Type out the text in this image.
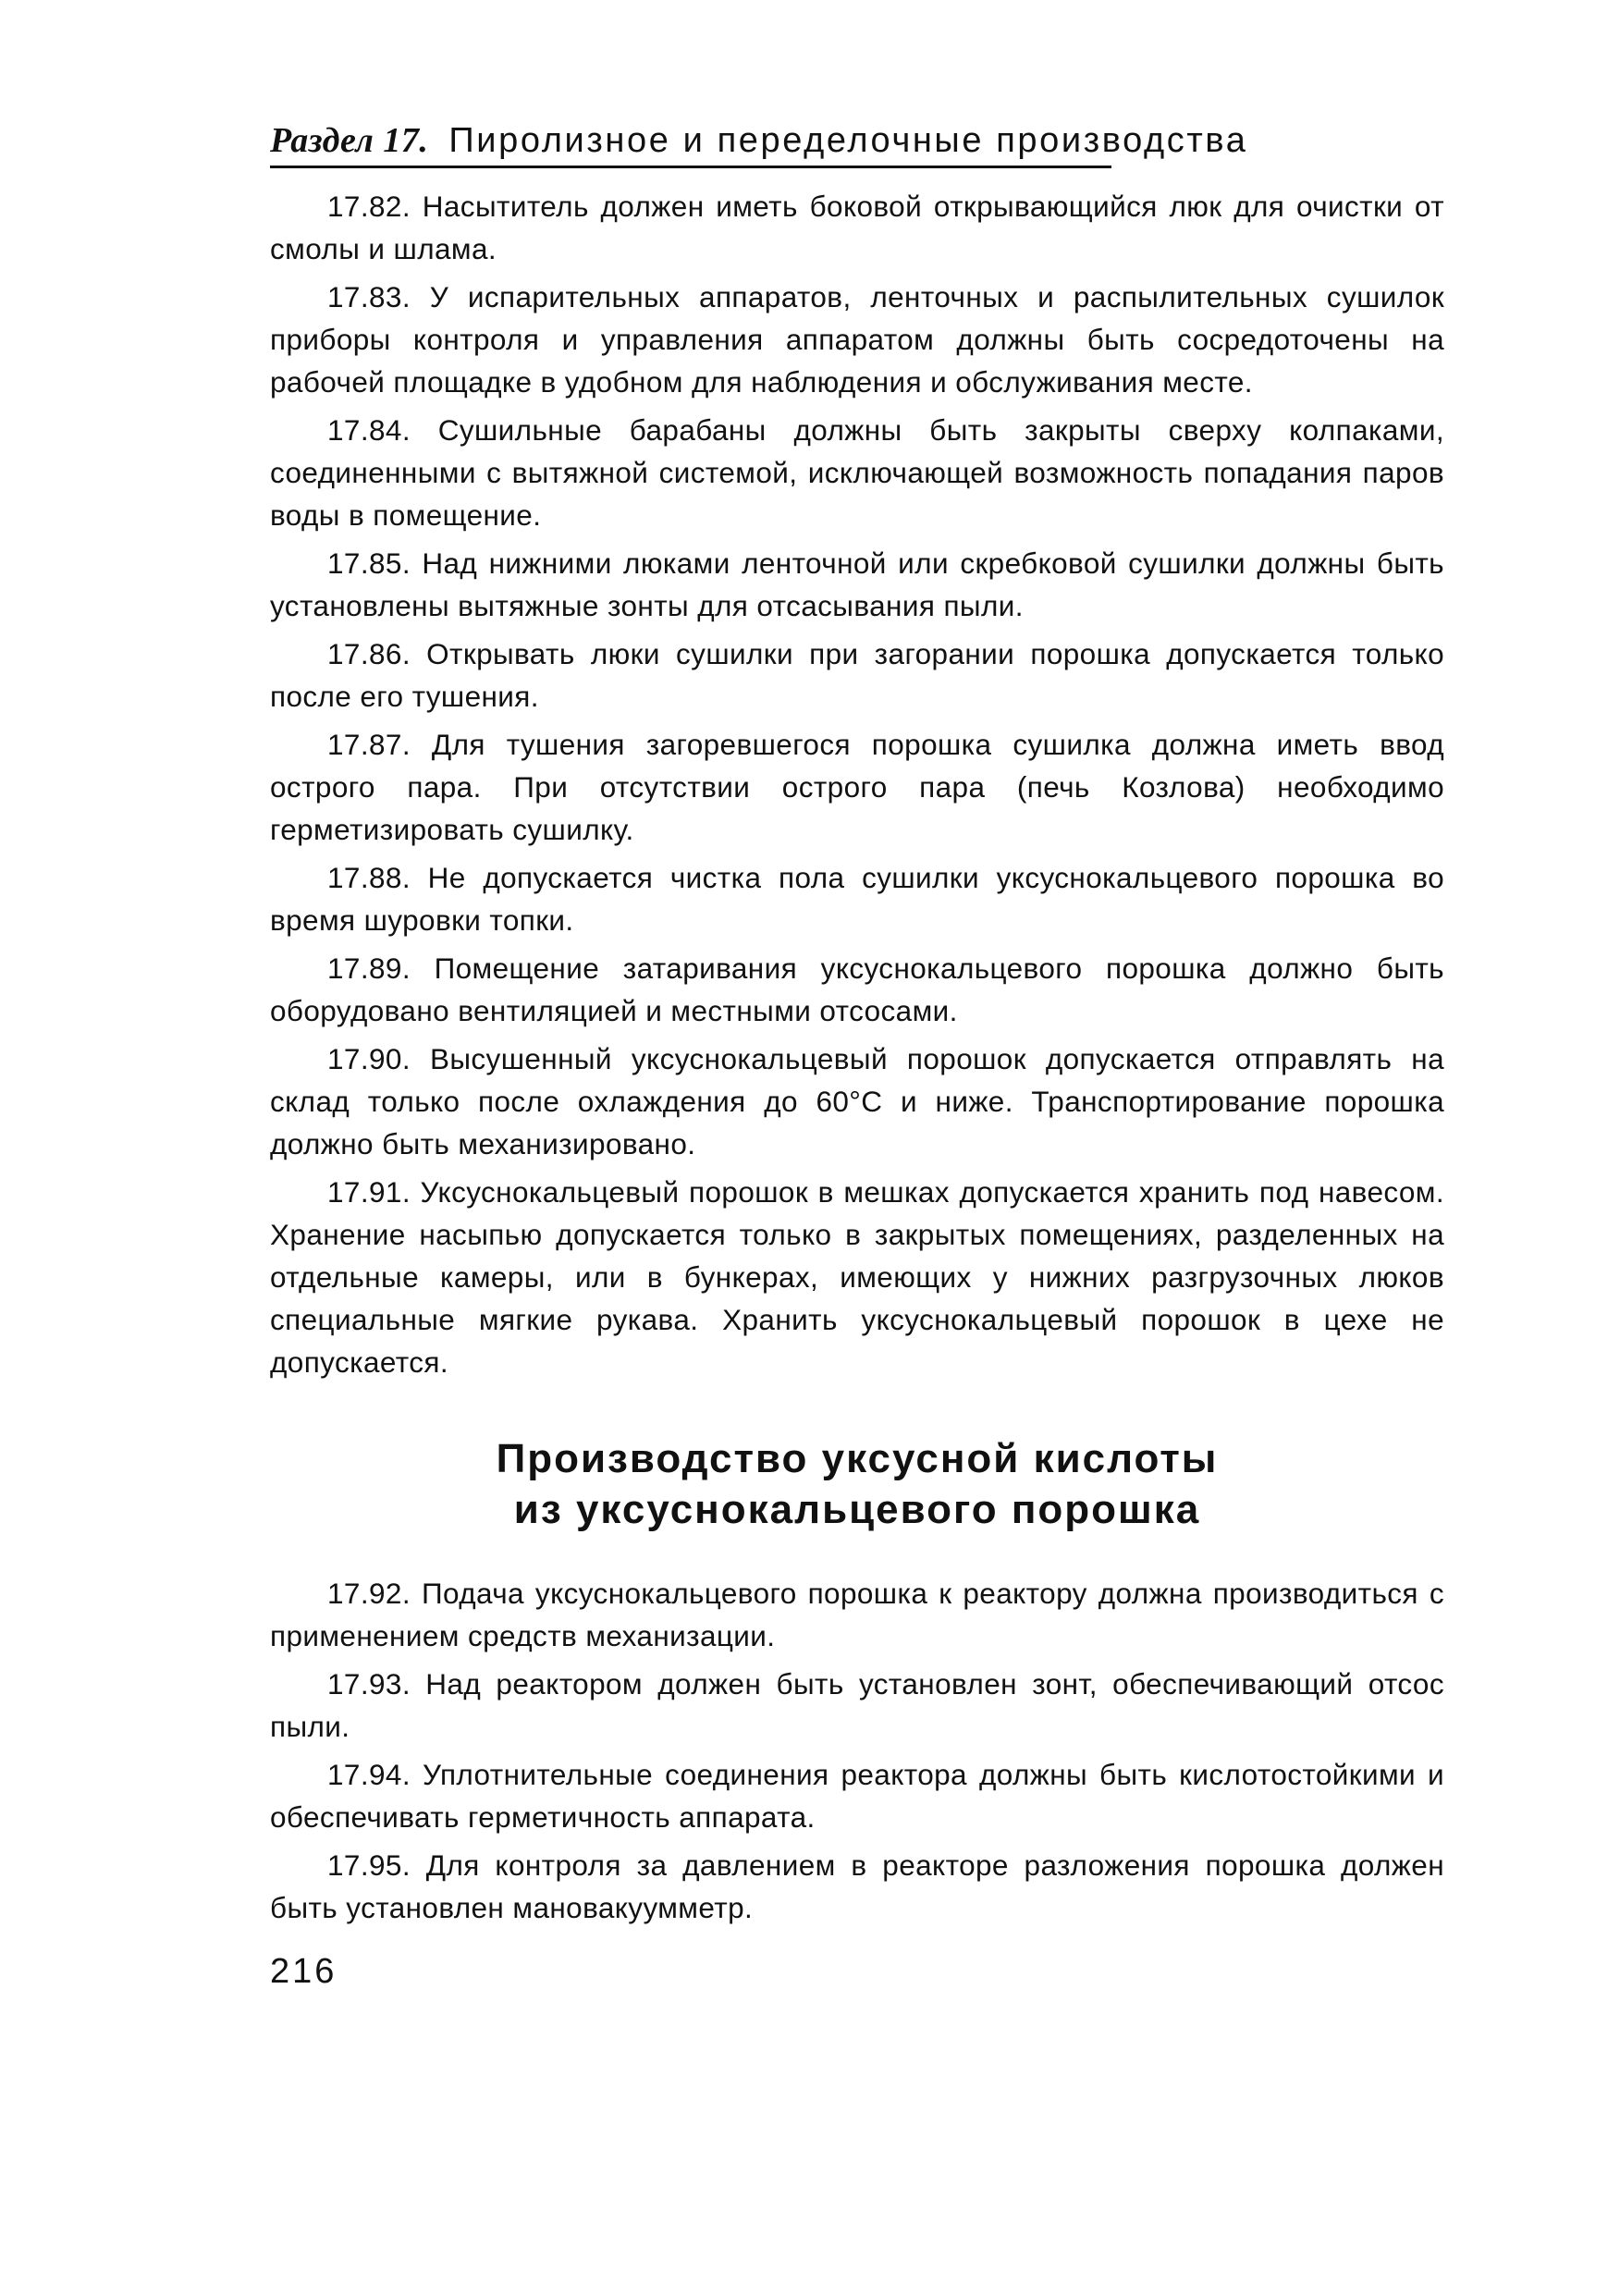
Раздел 17. Пиролизное и переделочные производства

17.82. Насытитель должен иметь боковой открывающийся люк для очистки от смолы и шлама.

17.83. У испарительных аппаратов, ленточных и распылительных сушилок приборы контроля и управления аппаратом должны быть сосредоточены на рабочей площадке в удобном для наблюдения и обслуживания месте.

17.84. Сушильные барабаны должны быть закрыты сверху колпаками, соединенными с вытяжной системой, исключающей возможность попадания паров воды в помещение.

17.85. Над нижними люками ленточной или скребковой сушилки должны быть установлены вытяжные зонты для отсасывания пыли.

17.86. Открывать люки сушилки при загорании порошка допускается только после его тушения.

17.87. Для тушения загоревшегося порошка сушилка должна иметь ввод острого пара. При отсутствии острого пара (печь Козлова) необходимо герметизировать сушилку.

17.88. Не допускается чистка пола сушилки уксуснокальцевого порошка во время шуровки топки.

17.89. Помещение затаривания уксуснокальцевого порошка должно быть оборудовано вентиляцией и местными отсосами.

17.90. Высушенный уксуснокальцевый порошок допускается отправлять на склад только после охлаждения до 60°C и ниже. Транспортирование порошка должно быть механизировано.

17.91. Уксуснокальцевый порошок в мешках допускается хранить под навесом. Хранение насыпью допускается только в закрытых помещениях, разделенных на отдельные камеры, или в бункерах, имеющих у нижних разгрузочных люков специальные мягкие рукава. Хранить уксуснокальцевый порошок в цехе не допускается.

Производство уксусной кислоты
из уксуснокальцевого порошка

17.92. Подача уксуснокальцевого порошка к реактору должна производиться с применением средств механизации.

17.93. Над реактором должен быть установлен зонт, обеспечивающий отсос пыли.

17.94. Уплотнительные соединения реактора должны быть кислотостойкими и обеспечивать герметичность аппарата.

17.95. Для контроля за давлением в реакторе разложения порошка должен быть установлен мановакуумметр.

216
